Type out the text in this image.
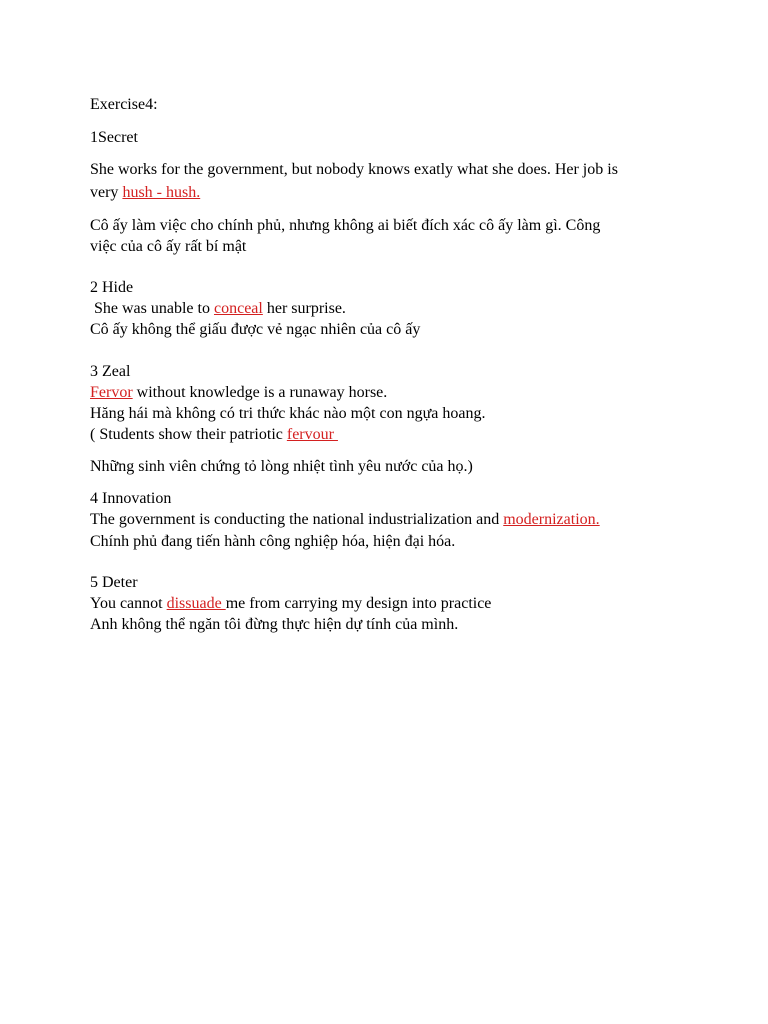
Exercise4:
1Secret
She works for the government, but nobody knows exatly what she does. Her job is
very hush - hush.
Cô ấy làm việc cho chính phủ, nhưng không ai biết đích xác cô ấy làm gì. Công
việc của cô ấy rất bí mật
2 Hide
She was unable to conceal her surprise.
Cô ấy không thể giấu được vẻ ngạc nhiên của cô ấy
3 Zeal
Fervor without knowledge is a runaway horse.
Hăng hái mà không có tri thức khác nào một con ngựa hoang.
( Students show their patriotic fervour
Những sinh viên chứng tỏ lòng nhiệt tình yêu nước của họ.)
4 Innovation
The government is conducting the national industrialization and modernization.
Chính phủ đang tiến hành công nghiệp hóa, hiện đại hóa.
5 Deter
You cannot dissuade me from carrying my design into practice
Anh không thể ngăn tôi đừng thực hiện dự tính của mình.
